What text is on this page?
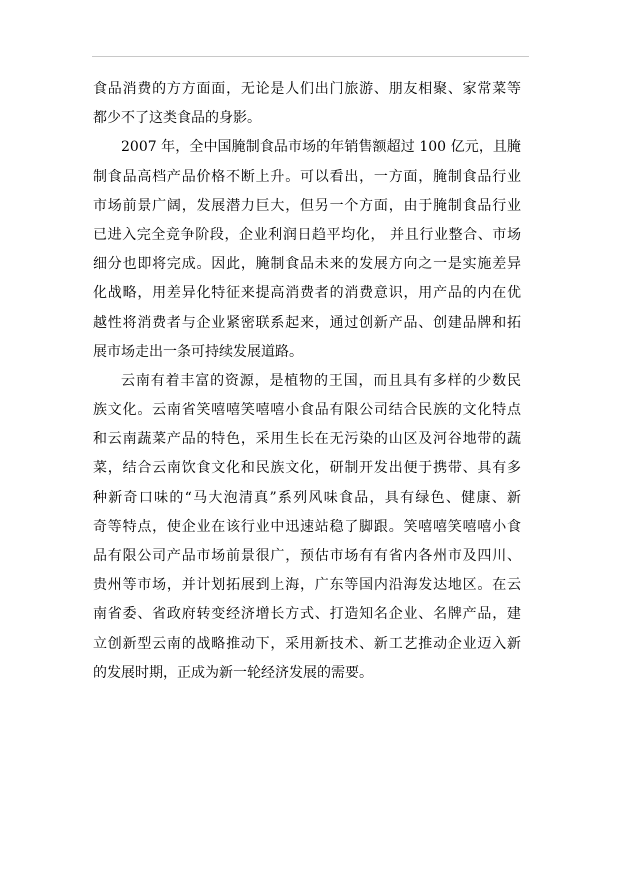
食品消费的方方面面，无论是人们出门旅游、朋友相聚、家常菜等
都少不了这类食品的身影。
2007 年，全中国腌制食品市场的年销售额超过 100 亿元，且腌
制食品高档产品价格不断上升。可以看出，一方面，腌制食品行业
市场前景广阔，发展潜力巨大，但另一个方面，由于腌制食品行业
已进入完全竞争阶段，企业利润日趋平均化， 并且行业整合、市场
细分也即将完成。因此，腌制食品未来的发展方向之一是实施差异
化战略，用差异化特征来提高消费者的消费意识，用产品的内在优
越性将消费者与企业紧密联系起来，通过创新产品、创建品牌和拓
展市场走出一条可持续发展道路。
云南有着丰富的资源，是植物的王国，而且具有多样的少数民
族文化。云南省笑嘻嘻笑嘻嘻小食品有限公司结合民族的文化特点
和云南蔬菜产品的特色，采用生长在无污染的山区及河谷地带的蔬
菜，结合云南饮食文化和民族文化，研制开发出便于携带、具有多
种新奇口味的“马大泡清真”系列风味食品，具有绿色、健康、新
奇等特点，使企业在该行业中迅速站稳了脚跟。笑嘻嘻笑嘻嘻小食
品有限公司产品市场前景很广，预估市场有有省内各州市及四川、
贵州等市场，并计划拓展到上海，广东等国内沿海发达地区。在云
南省委、省政府转变经济增长方式、打造知名企业、名牌产品，建
立创新型云南的战略推动下，采用新技术、新工艺推动企业迈入新
的发展时期，正成为新一轮经济发展的需要。
